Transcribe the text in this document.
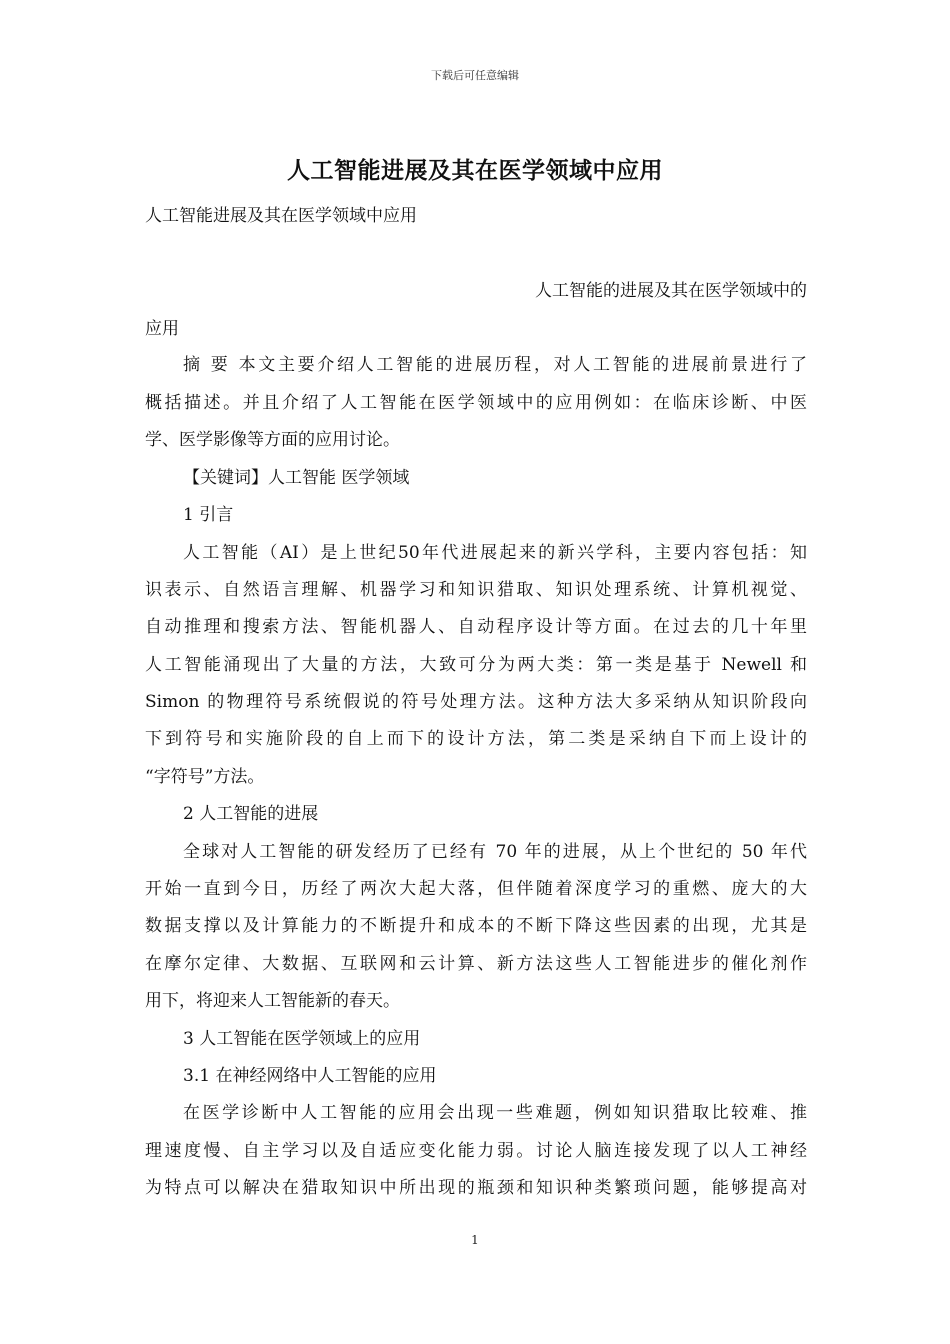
下载后可任意编辑
人工智能进展及其在医学领域中应用
人工智能进展及其在医学领域中应用
人工智能的进展及其在医学领域中的
应用
摘 要 本文主要介绍人工智能的进展历程，对人工智能的进展前景进行了
概括描述。并且介绍了人工智能在医学领域中的应用例如：在临床诊断、中医
学、医学影像等方面的应用讨论。
【关键词】人工智能 医学领域
1 引言
人工智能（AI）是上世纪50年代进展起来的新兴学科，主要内容包括：知
识表示、自然语言理解、机器学习和知识猎取、知识处理系统、计算机视觉、
自动推理和搜索方法、智能机器人、自动程序设计等方面。在过去的几十年里
人工智能涌现出了大量的方法，大致可分为两大类：第一类是基于 Newell 和
Simon 的物理符号系统假说的符号处理方法。这种方法大多采纳从知识阶段向
下到符号和实施阶段的自上而下的设计方法，第二类是采纳自下而上设计的
“字符号”方法。
2 人工智能的进展
全球对人工智能的研发经历了已经有 70 年的进展，从上个世纪的 50 年代
开始一直到今日，历经了两次大起大落，但伴随着深度学习的重燃、庞大的大
数据支撑以及计算能力的不断提升和成本的不断下降这些因素的出现，尤其是
在摩尔定律、大数据、互联网和云计算、新方法这些人工智能进步的催化剂作
用下，将迎来人工智能新的春天。
3 人工智能在医学领域上的应用
3.1 在神经网络中人工智能的应用
在医学诊断中人工智能的应用会出现一些难题，例如知识猎取比较难、推
理速度慢、自主学习以及自适应变化能力弱。讨论人脑连接发现了以人工神经
为特点可以解决在猎取知识中所出现的瓶颈和知识种类繁琐问题，能够提高对
1
